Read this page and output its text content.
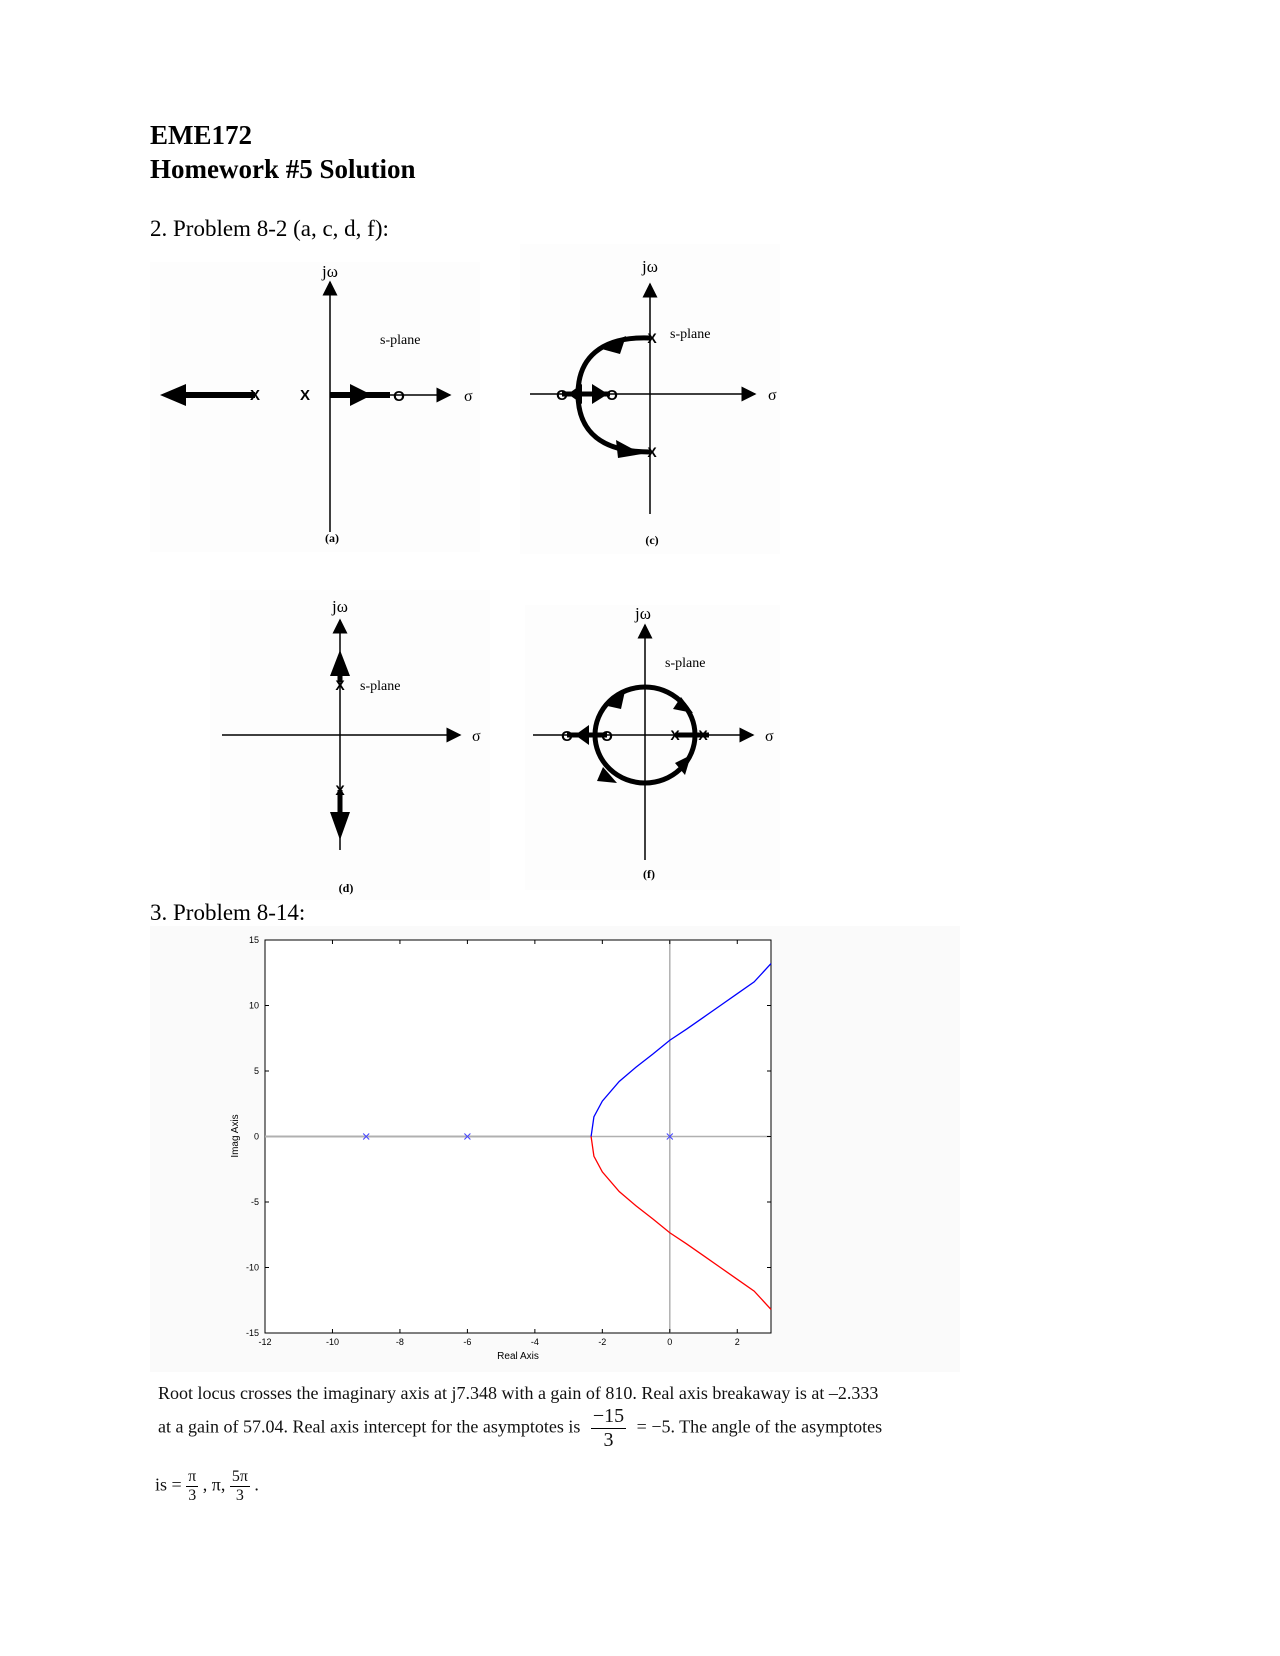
EME172
Homework #5 Solution
2. Problem 8-2 (a, c, d, f):
X	X	O
jω
s-plane
σ
(a)
O	O
X
X
jω
s-plane
σ
(c)
X
X
jω
s-plane
σ
(d)
O O	X X
jω
s-plane
σ
(f)
3. Problem 8-14:
-12	-10	-8	-6	-4	-2	0	2
-15
-10
-5
0
5
10
15
Real Axis
Imag Axis
Root locus crosses the imaginary axis at j7.348 with a gain of 810. Real axis breakaway is at –2.333
at a gain of 57.04. Real axis intercept for the asymptotes is $\frac{-15}{3} = -5$. The angle of the asymptotes
is = $\frac{\pi}{3}$ , π, $\frac{5\pi}{3}$ .
